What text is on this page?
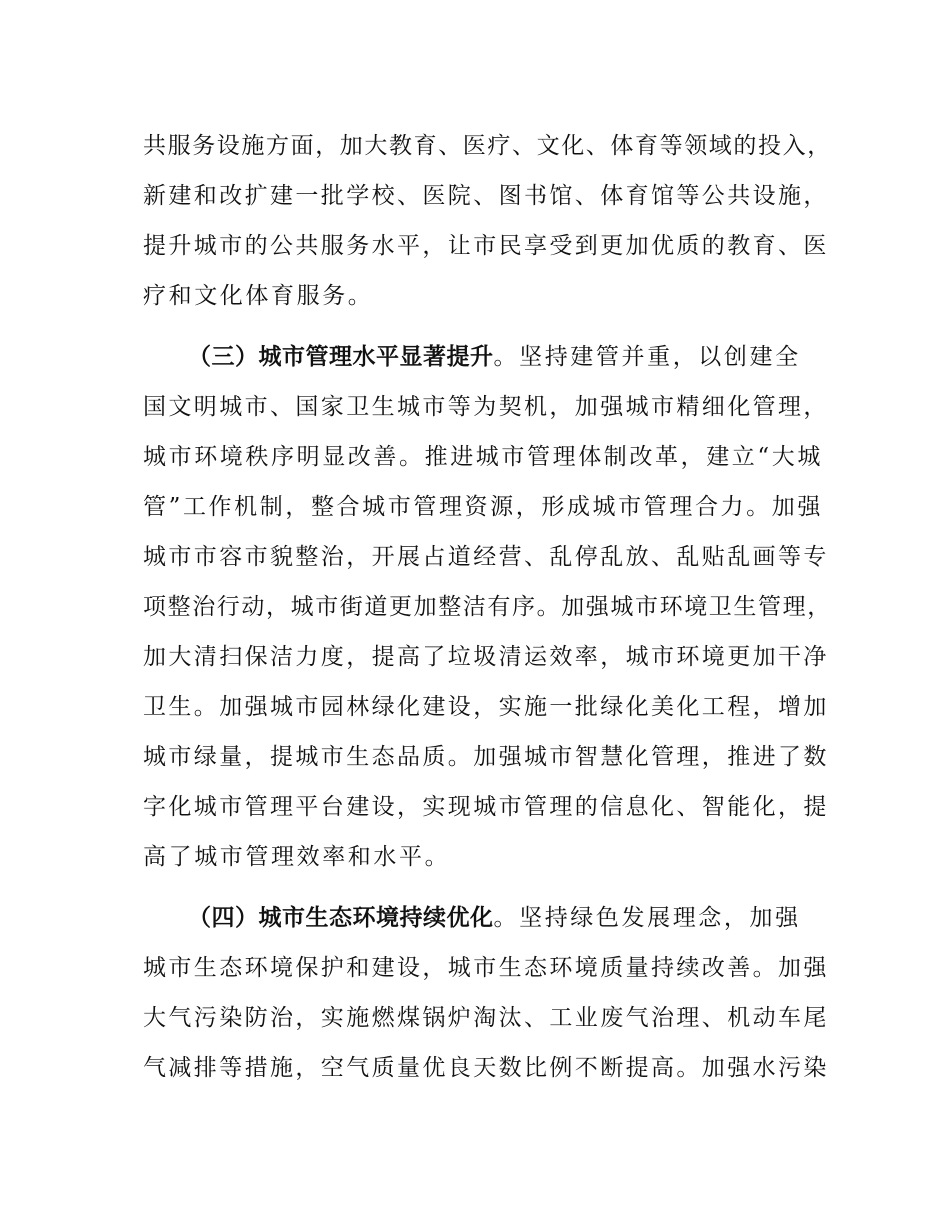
共服务设施方面，加大教育、医疗、文化、体育等领域的投入，
新建和改扩建一批学校、医院、图书馆、体育馆等公共设施，
提升城市的公共服务水平，让市民享受到更加优质的教育、医
疗和文化体育服务。
（三）城市管理水平显著提升。坚持建管并重，以创建全
国文明城市、国家卫生城市等为契机，加强城市精细化管理，
城市环境秩序明显改善。推进城市管理体制改革，建立“大城
管”工作机制，整合城市管理资源，形成城市管理合力。加强
城市市容市貌整治，开展占道经营、乱停乱放、乱贴乱画等专
项整治行动，城市街道更加整洁有序。加强城市环境卫生管理，
加大清扫保洁力度，提高了垃圾清运效率，城市环境更加干净
卫生。加强城市园林绿化建设，实施一批绿化美化工程，增加
城市绿量，提城市生态品质。加强城市智慧化管理，推进了数
字化城市管理平台建设，实现城市管理的信息化、智能化，提
高了城市管理效率和水平。
（四）城市生态环境持续优化。坚持绿色发展理念，加强
城市生态环境保护和建设，城市生态环境质量持续改善。加强
大气污染防治，实施燃煤锅炉淘汰、工业废气治理、机动车尾
气减排等措施，空气质量优良天数比例不断提高。加强水污染
